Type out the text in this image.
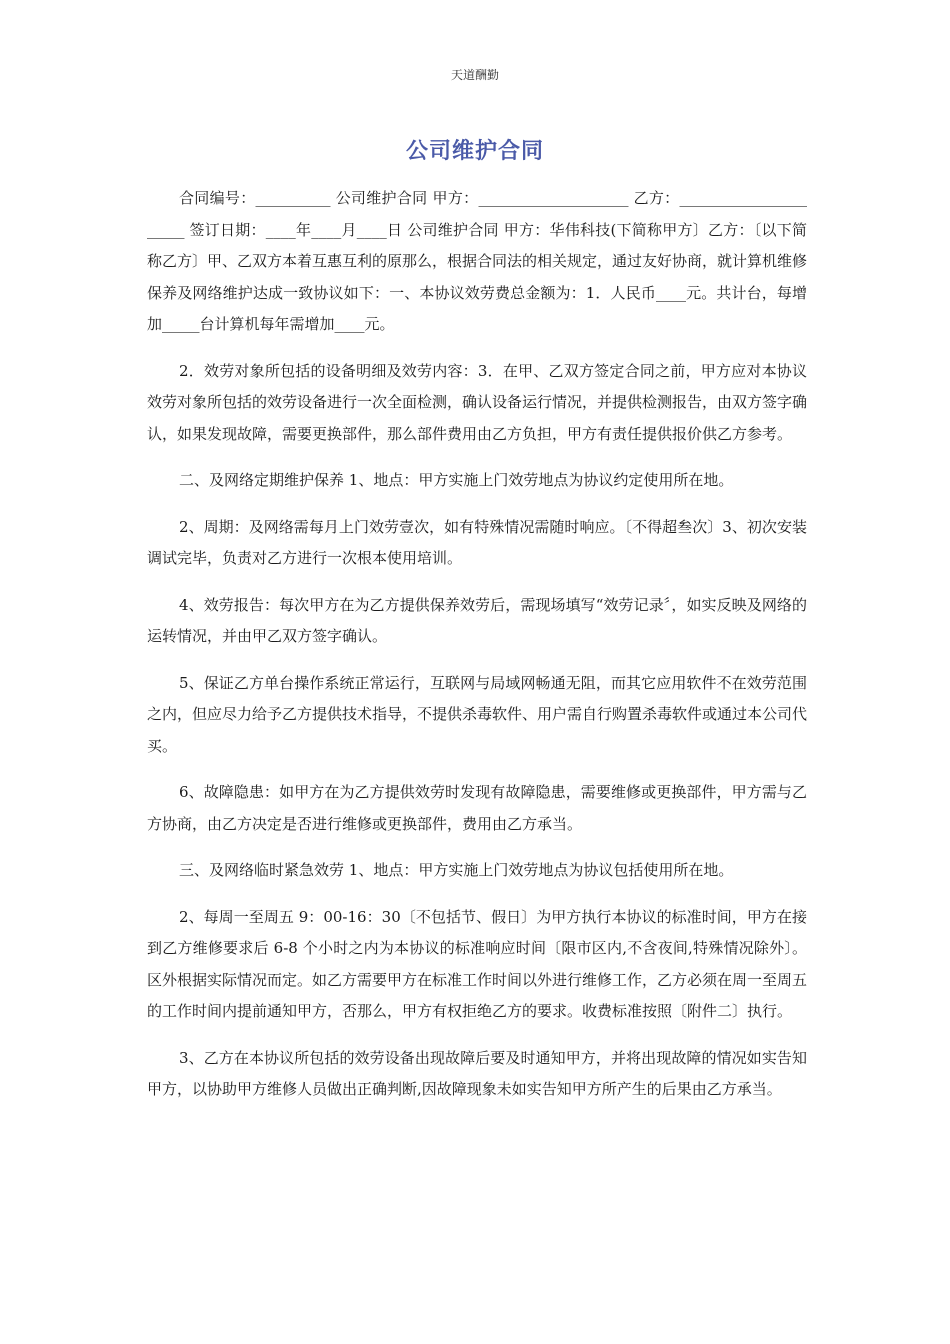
天道酬勤
公司维护合同

合同编号：__________ 公司维护合同 甲方：____________________ 乙方：______________________ 签订日期：____年____月____日 公司维护合同 甲方：华伟科技(下简称甲方〕乙方：〔以下简称乙方〕甲、乙双方本着互惠互利的原那么，根据合同法的相关规定，通过友好协商，就计算机维修保养及网络维护达成一致协议如下：一、本协议效劳费总金额为：1．人民币____元。共计台，每增加_____台计算机每年需增加____元。

2．效劳对象所包括的设备明细及效劳内容：3．在甲、乙双方签定合同之前，甲方应对本协议效劳对象所包括的效劳设备进行一次全面检测，确认设备运行情况，并提供检测报告，由双方签字确认，如果发现故障，需要更换部件，那么部件费用由乙方负担，甲方有责任提供报价供乙方参考。

二、及网络定期维护保养 1、地点：甲方实施上门效劳地点为协议约定使用所在地。

2、周期：及网络需每月上门效劳壹次，如有特殊情况需随时响应。〔不得超叁次〕3、初次安装调试完毕，负责对乙方进行一次根本使用培训。

4、效劳报告：每次甲方在为乙方提供保养效劳后，需现场填写“效劳记录〞，如实反映及网络的运转情况，并由甲乙双方签字确认。

5、保证乙方单台操作系统正常运行，互联网与局域网畅通无阻，而其它应用软件不在效劳范围之内，但应尽力给予乙方提供技术指导，不提供杀毒软件、用户需自行购置杀毒软件或通过本公司代买。

6、故障隐患：如甲方在为乙方提供效劳时发现有故障隐患，需要维修或更换部件，甲方需与乙方协商，由乙方决定是否进行维修或更换部件，费用由乙方承当。

三、及网络临时紧急效劳 1、地点：甲方实施上门效劳地点为协议包括使用所在地。

2、每周一至周五 9：00-16：30〔不包括节、假日〕为甲方执行本协议的标准时间，甲方在接到乙方维修要求后 6-8 个小时之内为本协议的标准响应时间〔限市区内,不含夜间,特殊情况除外〕。区外根据实际情况而定。如乙方需要甲方在标准工作时间以外进行维修工作，乙方必须在周一至周五的工作时间内提前通知甲方，否那么，甲方有权拒绝乙方的要求。收费标准按照〔附件二〕执行。

3、乙方在本协议所包括的效劳设备出现故障后要及时通知甲方，并将出现故障的情况如实告知甲方，以协助甲方维修人员做出正确判断,因故障现象未如实告知甲方所产生的后果由乙方承当。
